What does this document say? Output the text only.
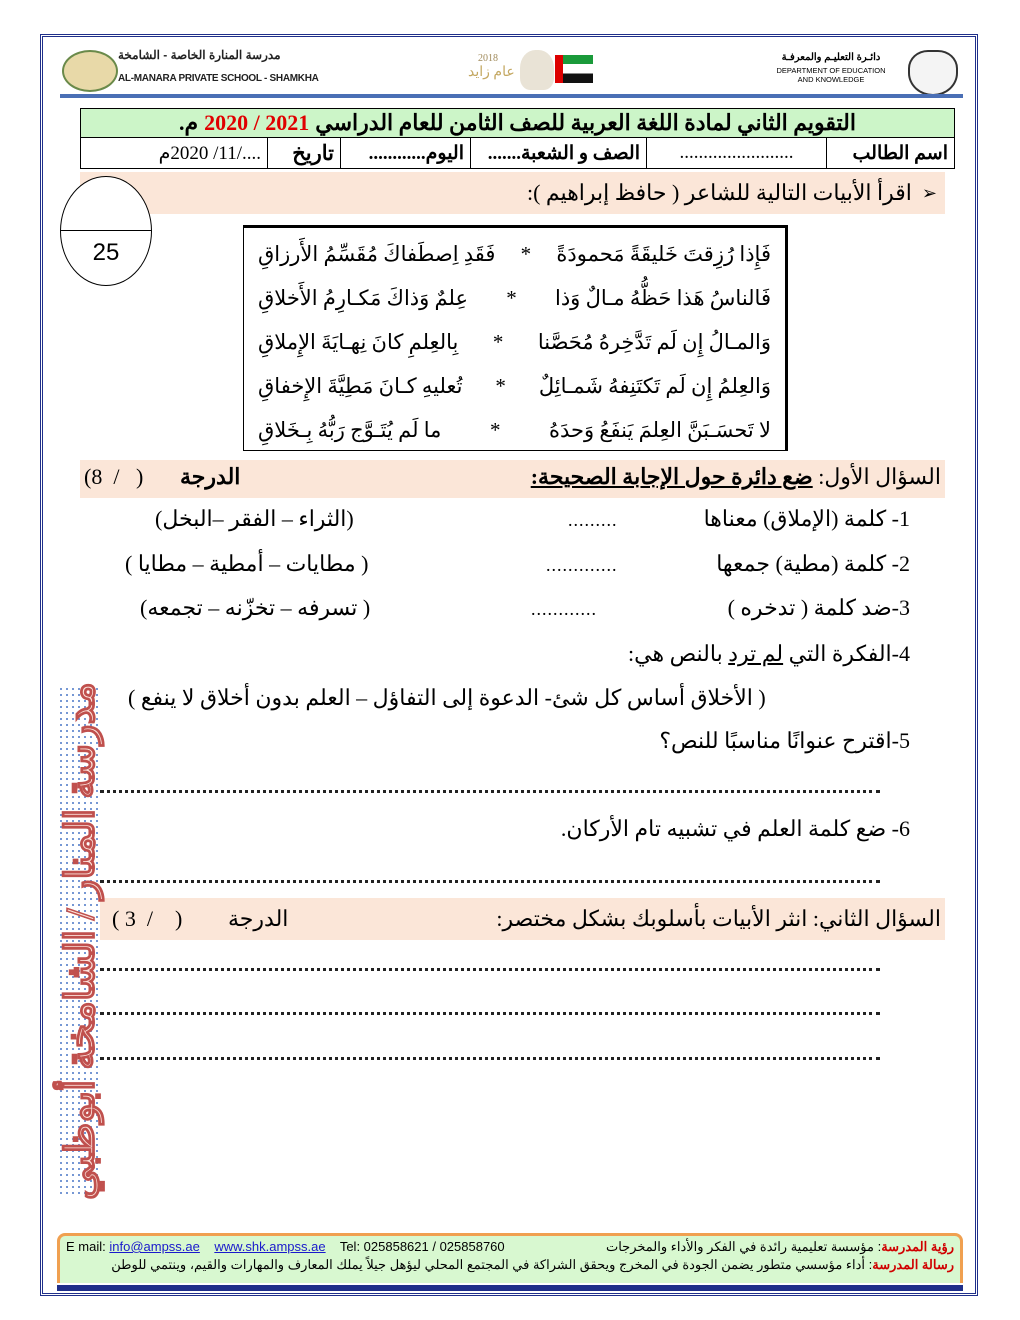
مدرسة المنارة الخاصة - الشامخة
AL-MANARA PRIVATE SCHOOL - SHAMKHA
2018
عام زايد
دائـرة التعليـم والمعرفـة
DEPARTMENT OF EDUCATION
AND KNOWLEDGE
التقويم الثاني لمادة اللغة العربية للصف الثامن للعام الدراسي
2020 / 2021
م.
اسم الطالب
........................
الصف و الشعبة.......
اليوم............
تاريخ
..../11/ 2020م
➢
اقرأ الأبيات التالية للشاعر ( حافظ إبراهيم ):
25	فَإِذا رُزِقتَ خَليقَةً مَحمودَةً
*
فَقَدِ اِصطَفاكَ مُقَسِّمُ الأَرزاقِ
فَالناسُ هَذا حَظُّهُ مـالٌ وَذا
*
عِلمٌ وَذاكَ مَكـارِمُ الأَخلاقِ
وَالمـالُ إِن لَم تَدَّخِرهُ مُحَصَّنا
*
بِالعِلمِ كانَ نِهـايَةَ الإِملاقِ
وَالعِلمُ إِن لَم تَكتَنِفهُ شَمـائِلٌ
*
تُعليهِ كـانَ مَطِيَّةَ الإِخفاقِ
لا تَحسَـبَنَّ العِلمَ يَنفَعُ وَحدَهُ
*
ما لَم يُتَـوَّج رَبُّهُ بِـخَلاقِ
السؤال الأول: ضع دائرة حول الإجابة الصحيحة:
الدرجة
(8  /   )
1- كلمة (الإملاق) معناها
.........
(الثراء – الفقر –البخل)
2- كلمة (مطية) جمعها
.............
( مطايات – أمطية – مطايا )
3-ضد كلمة ( تدخره )
............
( تسرفه – تخزّنه – تجمعه)
4-الفكرة التي لم ترد بالنص هي:
( الأخلاق أساس كل شئ- الدعوة إلى التفاؤل – العلم بدون أخلاق لا ينفع )
5-اقترح عنوانًا مناسبًا للنص؟
6- ضع كلمة العلم في تشبيه تام الأركان.
السؤال الثاني: انثر الأبيات بأسلوبك بشكل مختصر:
الدرجة
( 3  /    )
مدرسة المنار / الشامخة أبوظبي
رؤية المدرسة: مؤسسة تعليمية رائدة في الفكر والأداء والمخرجات
E mail: info@ampss.ae www.shk.ampss.ae Tel: 025858621 / 025858760
رسالة المدرسة: أداء مؤسسي متطور يضمن الجودة في المخرج ويحقق الشراكة في المجتمع المحلي ليؤهل جيلاً يملك المعارف والمهارات والقيم، وينتمي للوطن
